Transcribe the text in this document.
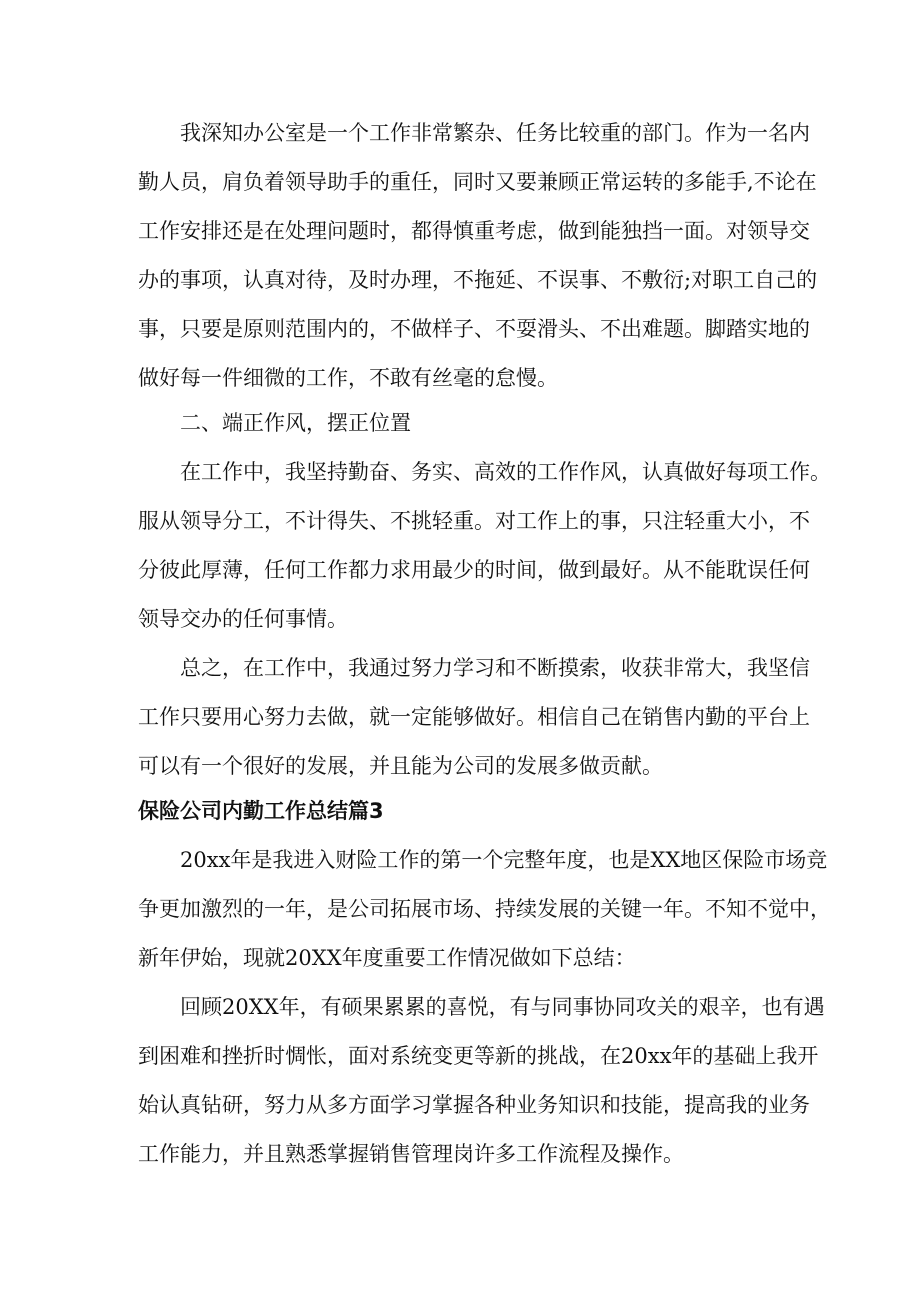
我深知办公室是一个工作非常繁杂、任务比较重的部门。作为一名内
勤人员，肩负着领导助手的重任，同时又要兼顾正常运转的多能手,不论在
工作安排还是在处理问题时，都得慎重考虑，做到能独挡一面。对领导交
办的事项，认真对待，及时办理，不拖延、不误事、不敷衍;对职工自己的
事，只要是原则范围内的，不做样子、不耍滑头、不出难题。脚踏实地的
做好每一件细微的工作，不敢有丝毫的怠慢。
二、端正作风，摆正位置
在工作中，我坚持勤奋、务实、高效的工作作风，认真做好每项工作。
服从领导分工，不计得失、不挑轻重。对工作上的事，只注轻重大小，不
分彼此厚薄，任何工作都力求用最少的时间，做到最好。从不能耽误任何
领导交办的任何事情。
总之，在工作中，我通过努力学习和不断摸索，收获非常大，我坚信
工作只要用心努力去做，就一定能够做好。相信自己在销售内勤的平台上
可以有一个很好的发展，并且能为公司的发展多做贡献。
保险公司内勤工作总结篇3
20xx年是我进入财险工作的第一个完整年度，也是XX地区保险市场竞
争更加激烈的一年，是公司拓展市场、持续发展的关键一年。不知不觉中，
新年伊始，现就20XX年度重要工作情况做如下总结：
回顾20XX年，有硕果累累的喜悦，有与同事协同攻关的艰辛，也有遇
到困难和挫折时惆怅，面对系统变更等新的挑战，在20xx年的基础上我开
始认真钻研，努力从多方面学习掌握各种业务知识和技能，提高我的业务
工作能力，并且熟悉掌握销售管理岗许多工作流程及操作。
